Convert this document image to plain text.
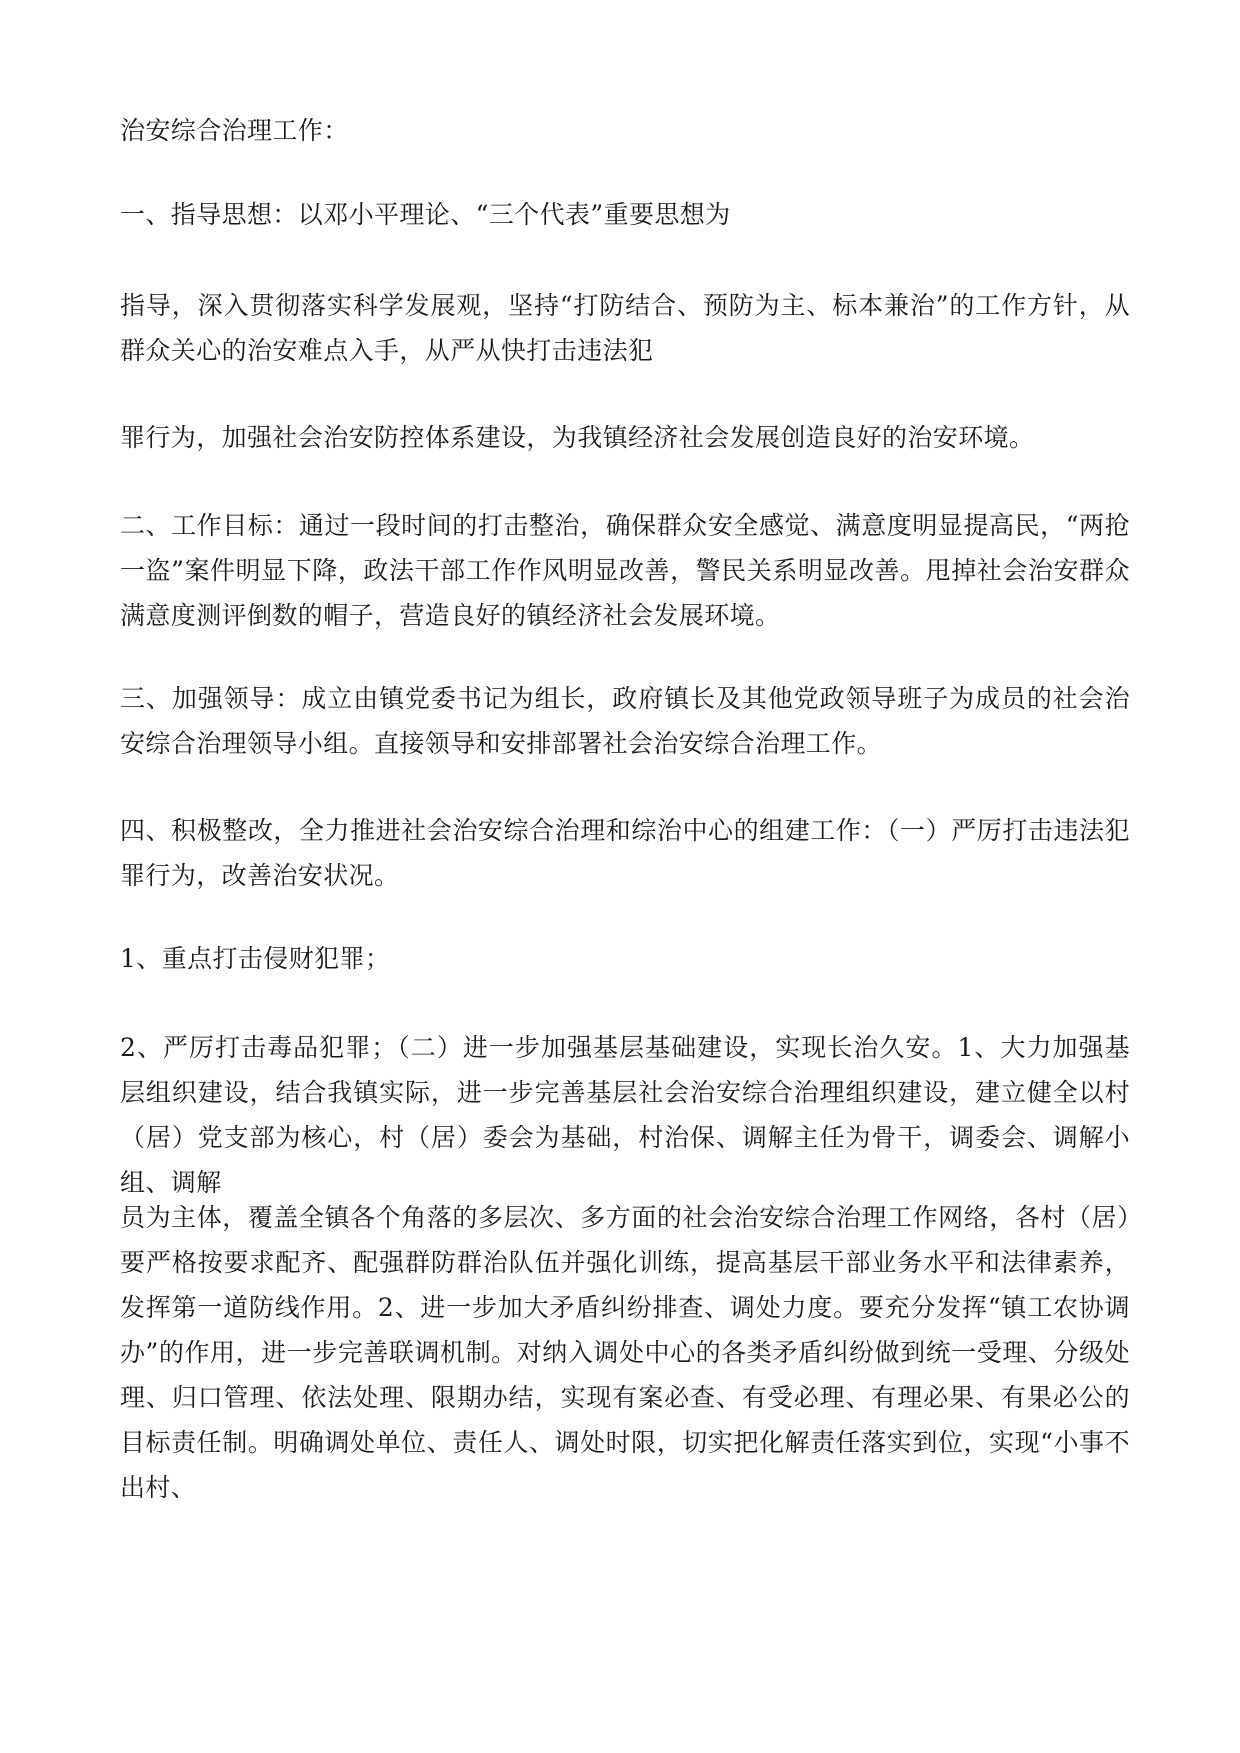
治安综合治理工作：

一、指导思想：以邓小平理论、“三个代表”重要思想为

指导，深入贯彻落实科学发展观，坚持“打防结合、预防为主、标本兼治”的工作方针，从群众关心的治安难点入手，从严从快打击违法犯

罪行为，加强社会治安防控体系建设，为我镇经济社会发展创造良好的治安环境。

二、工作目标：通过一段时间的打击整治，确保群众安全感觉、满意度明显提高民，“两抢一盗”案件明显下降，政法干部工作作风明显改善，警民关系明显改善。甩掉社会治安群众满意度测评倒数的帽子，营造良好的镇经济社会发展环境。

三、加强领导：成立由镇党委书记为组长，政府镇长及其他党政领导班子为成员的社会治安综合治理领导小组。直接领导和安排部署社会治安综合治理工作。

四、积极整改，全力推进社会治安综合治理和综治中心的组建工作：（一）严厉打击违法犯罪行为，改善治安状况。

1、重点打击侵财犯罪；

2、严厉打击毒品犯罪；（二）进一步加强基层基础建设，实现长治久安。1、大力加强基层组织建设，结合我镇实际，进一步完善基层社会治安综合治理组织建设，建立健全以村（居）党支部为核心，村（居）委会为基础，村治保、调解主任为骨干，调委会、调解小组、调解

员为主体，覆盖全镇各个角落的多层次、多方面的社会治安综合治理工作网络，各村（居）要严格按要求配齐、配强群防群治队伍并强化训练，提高基层干部业务水平和法律素养，发挥第一道防线作用。2、进一步加大矛盾纠纷排查、调处力度。要充分发挥“镇工农协调办”的作用，进一步完善联调机制。对纳入调处中心的各类矛盾纠纷做到统一受理、分级处理、归口管理、依法处理、限期办结，实现有案必查、有受必理、有理必果、有果必公的目标责任制。明确调处单位、责任人、调处时限，切实把化解责任落实到位，实现“小事不出村、
